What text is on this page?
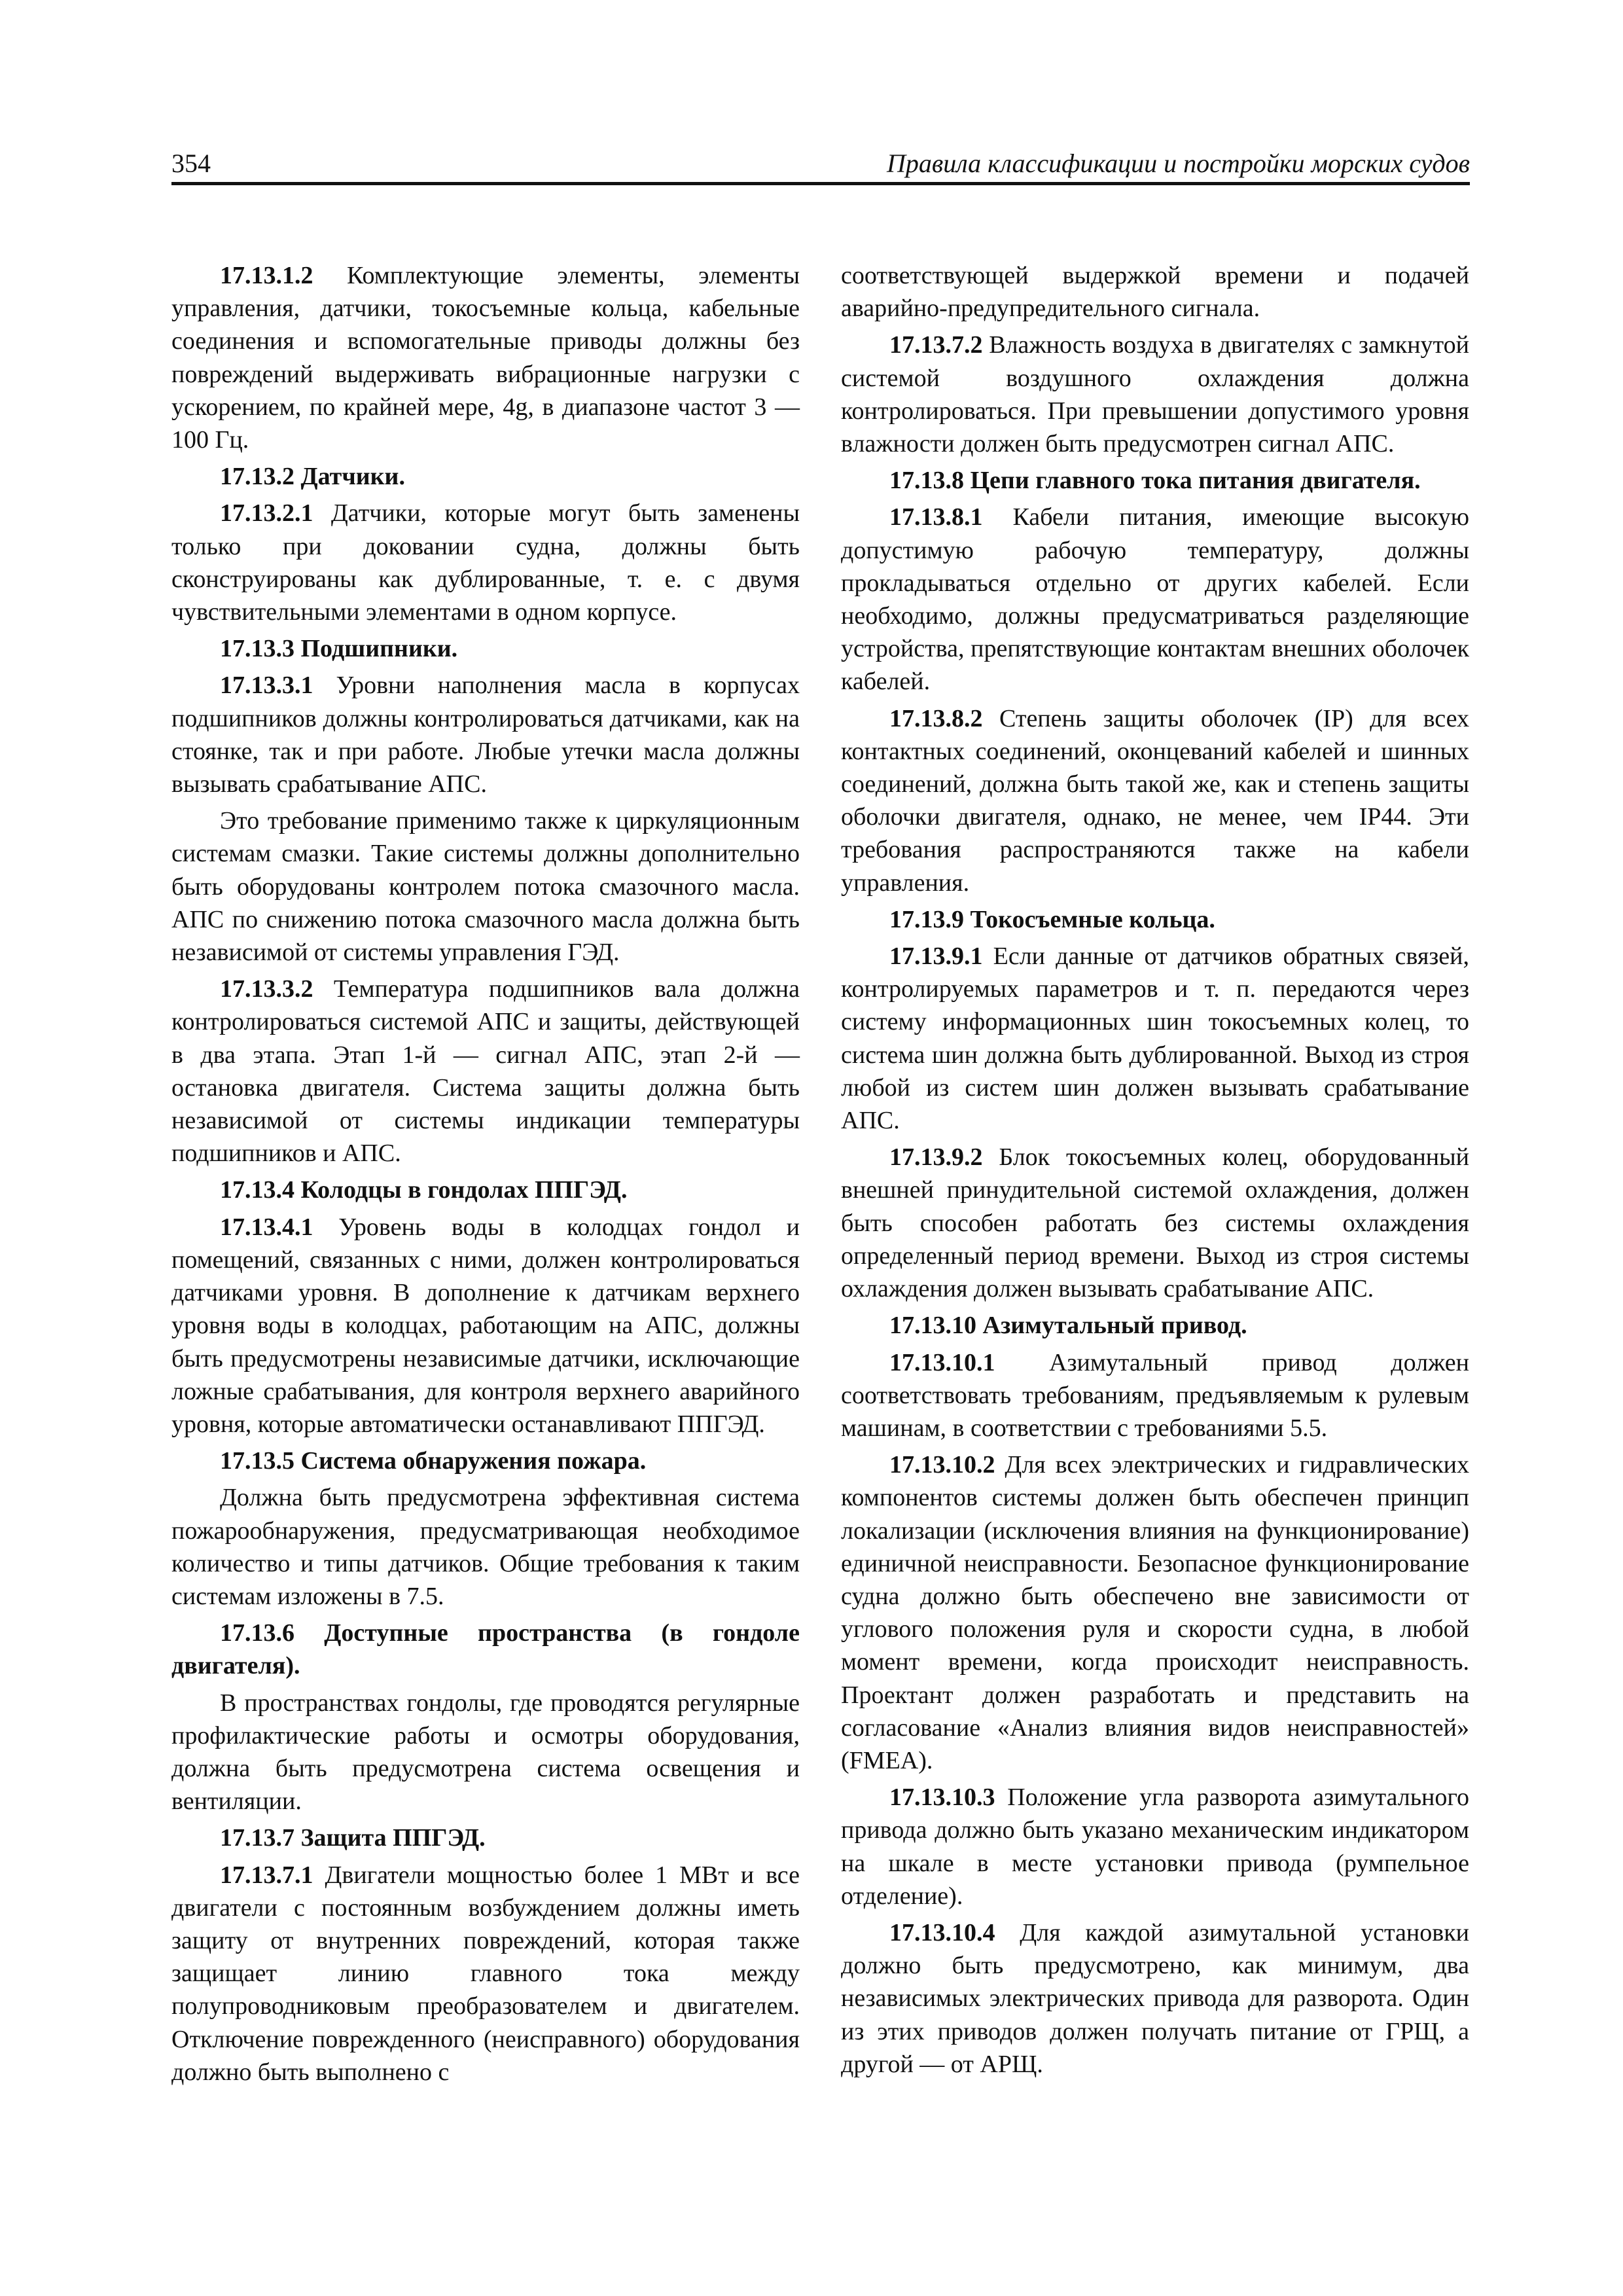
354	Правила классификации и постройки морских судов

17.13.1.2 Комплектующие элементы, элементы управления, датчики, токосъемные кольца, кабельные соединения и вспомогательные приводы должны без повреждений выдерживать вибрационные нагрузки с ускорением, по крайней мере, 4g, в диапазоне частот 3 — 100 Гц.

17.13.2 Датчики.

17.13.2.1 Датчики, которые могут быть заменены только при доковании судна, должны быть сконструированы как дублированные, т. е. с двумя чувствительными элементами в одном корпусе.

17.13.3 Подшипники.

17.13.3.1 Уровни наполнения масла в корпусах подшипников должны контролироваться датчиками, как на стоянке, так и при работе. Любые утечки масла должны вызывать срабатывание АПС.

Это требование применимо также к циркуляционным системам смазки. Такие системы должны дополнительно быть оборудованы контролем потока смазочного масла. АПС по снижению потока смазочного масла должна быть независимой от системы управления ГЭД.

17.13.3.2 Температура подшипников вала должна контролироваться системой АПС и защиты, действующей в два этапа. Этап 1-й — сигнал АПС, этап 2-й — остановка двигателя. Система защиты должна быть независимой от системы индикации температуры подшипников и АПС.

17.13.4 Колодцы в гондолах ППГЭД.

17.13.4.1 Уровень воды в колодцах гондол и помещений, связанных с ними, должен контролироваться датчиками уровня. В дополнение к датчикам верхнего уровня воды в колодцах, работающим на АПС, должны быть предусмотрены независимые датчики, исключающие ложные срабатывания, для контроля верхнего аварийного уровня, которые автоматически останавливают ППГЭД.

17.13.5 Система обнаружения пожара.

Должна быть предусмотрена эффективная система пожарообнаружения, предусматривающая необходимое количество и типы датчиков. Общие требования к таким системам изложены в 7.5.

17.13.6 Доступные пространства (в гондоле двигателя).

В пространствах гондолы, где проводятся регулярные профилактические работы и осмотры оборудования, должна быть предусмотрена система освещения и вентиляции.

17.13.7 Защита ППГЭД.

17.13.7.1 Двигатели мощностью более 1 МВт и все двигатели с постоянным возбуждением должны иметь защиту от внутренних повреждений, которая также защищает линию главного тока между полупроводниковым преобразователем и двигателем. Отключение поврежденного (неисправного) оборудования должно быть выполнено с

соответствующей выдержкой времени и подачей аварийно-предупредительного сигнала.

17.13.7.2 Влажность воздуха в двигателях с замкнутой системой воздушного охлаждения должна контролироваться. При превышении допустимого уровня влажности должен быть предусмотрен сигнал АПС.

17.13.8 Цепи главного тока питания двигателя.

17.13.8.1 Кабели питания, имеющие высокую допустимую рабочую температуру, должны прокладываться отдельно от других кабелей. Если необходимо, должны предусматриваться разделяющие устройства, препятствующие контактам внешних оболочек кабелей.

17.13.8.2 Степень защиты оболочек (IP) для всех контактных соединений, оконцеваний кабелей и шинных соединений, должна быть такой же, как и степень защиты оболочки двигателя, однако, не менее, чем IP44. Эти требования распространяются также на кабели управления.

17.13.9 Токосъемные кольца.

17.13.9.1 Если данные от датчиков обратных связей, контролируемых параметров и т. п. передаются через систему информационных шин токосъемных колец, то система шин должна быть дублированной. Выход из строя любой из систем шин должен вызывать срабатывание АПС.

17.13.9.2 Блок токосъемных колец, оборудованный внешней принудительной системой охлаждения, должен быть способен работать без системы охлаждения определенный период времени. Выход из строя системы охлаждения должен вызывать срабатывание АПС.

17.13.10 Азимутальный привод.

17.13.10.1 Азимутальный привод должен соответствовать требованиям, предъявляемым к рулевым машинам, в соответствии с требованиями 5.5.

17.13.10.2 Для всех электрических и гидравлических компонентов системы должен быть обеспечен принцип локализации (исключения влияния на функционирование) единичной неисправности. Безопасное функционирование судна должно быть обеспечено вне зависимости от углового положения руля и скорости судна, в любой момент времени, когда происходит неисправность. Проектант должен разработать и представить на согласование «Анализ влияния видов неисправностей» (FMEA).

17.13.10.3 Положение угла разворота азимутального привода должно быть указано механическим индикатором на шкале в месте установки привода (румпельное отделение).

17.13.10.4 Для каждой азимутальной установки должно быть предусмотрено, как минимум, два независимых электрических привода для разворота. Один из этих приводов должен получать питание от ГРЩ, а другой — от АРЩ.
